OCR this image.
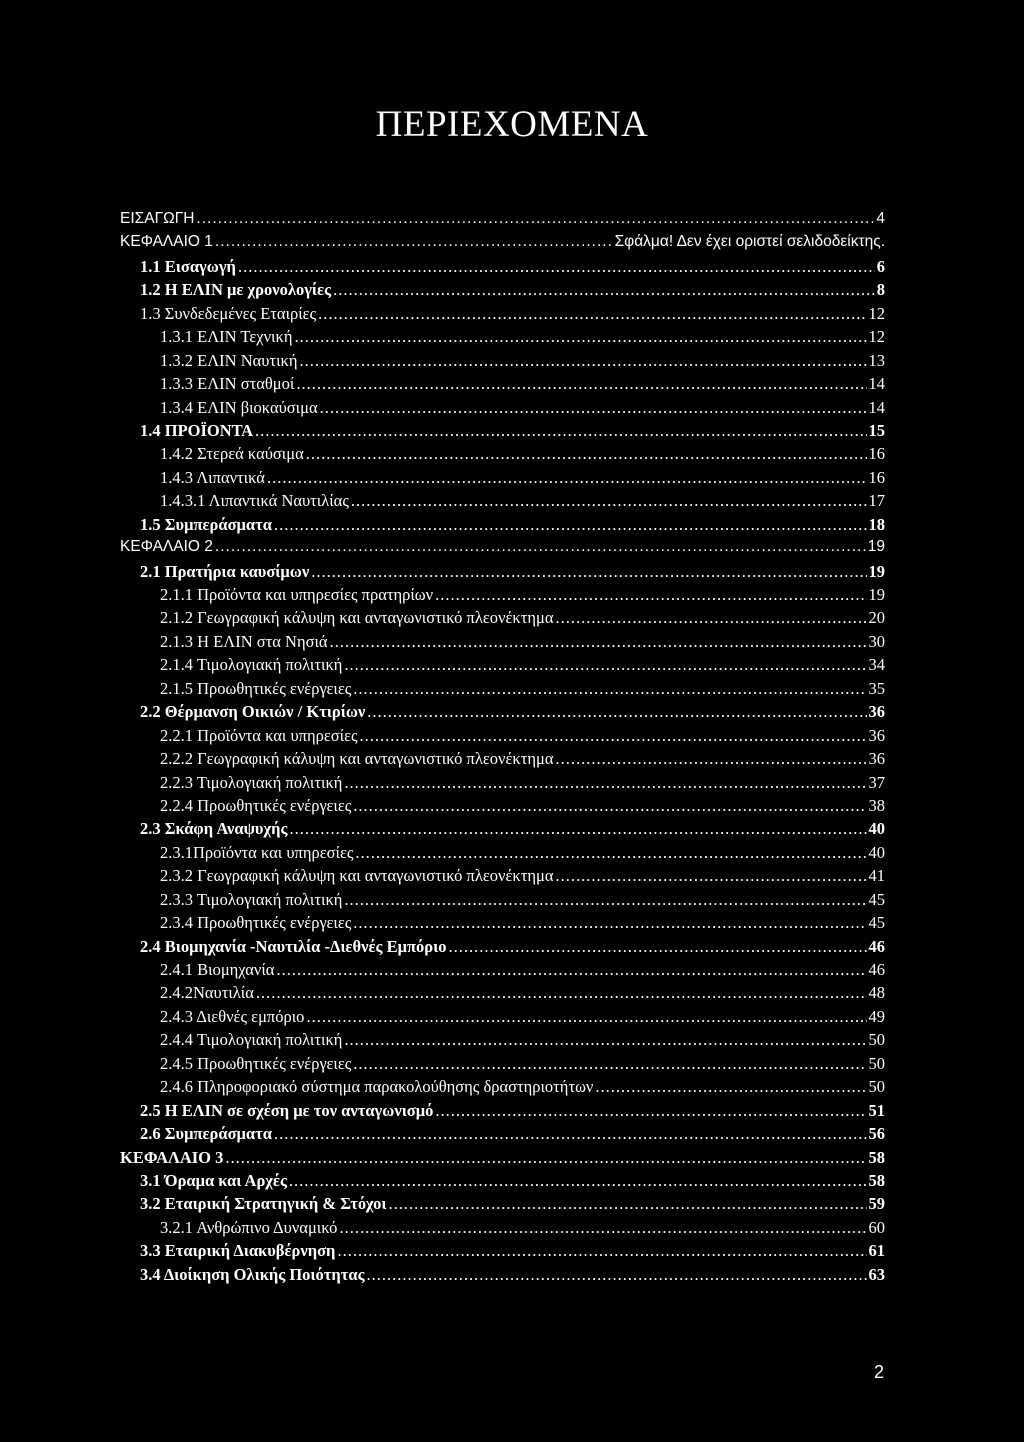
ΠΕΡΙΕΧΟΜΕΝΑ
ΕΙΣΑΓΩΓΗ .....	4
ΚΕΦΑΛΑΙΟ 1 .....	Σφάλμα! Δεν έχει οριστεί σελιδοδείκτης.
1.1 Εισαγωγή .....	6
1.2 Η ΕΛΙΝ με χρονολογίες .....	8
1.3 Συνδεδεμένες Εταιρίες .....	12
1.3.1 ΕΛΙΝ Τεχνική .....	12
1.3.2 ΕΛΙΝ Ναυτική .....	13
1.3.3 ΕΛΙΝ σταθμοί .....	14
1.3.4 ΕΛΙΝ βιοκαύσιμα .....	14
1.4 ΠΡΟΪΟΝΤΑ .....	15
1.4.2 Στερεά καύσιμα .....	16
1.4.3 Λιπαντικά .....	16
1.4.3.1 Λιπαντικά Ναυτιλίας .....	17
1.5 Συμπεράσματα .....	18
ΚΕΦΑΛΑΙΟ 2 .....	19
2.1 Πρατήρια καυσίμων .....	19
2.1.1 Προϊόντα και υπηρεσίες πρατηρίων .....	19
2.1.2 Γεωγραφική κάλυψη και ανταγωνιστικό πλεονέκτημα .....	20
2.1.3 Η ΕΛΙΝ στα Νησιά .....	30
2.1.4 Τιμολογιακή πολιτική .....	34
2.1.5 Προωθητικές ενέργειες .....	35
2.2 Θέρμανση Οικιών / Κτιρίων .....	36
2.2.1 Προϊόντα και υπηρεσίες .....	36
2.2.2 Γεωγραφική κάλυψη και ανταγωνιστικό πλεονέκτημα .....	36
2.2.3 Τιμολογιακή πολιτική .....	37
2.2.4 Προωθητικές ενέργειες .....	38
2.3 Σκάφη Αναψυχής .....	40
2.3.1Προϊόντα και υπηρεσίες .....	40
2.3.2 Γεωγραφική κάλυψη και ανταγωνιστικό πλεονέκτημα .....	41
2.3.3 Τιμολογιακή πολιτική .....	45
2.3.4 Προωθητικές ενέργειες .....	45
2.4 Βιομηχανία -Ναυτιλία -Διεθνές Εμπόριο .....	46
2.4.1 Βιομηχανία .....	46
2.4.2Ναυτιλία .....	48
2.4.3 Διεθνές εμπόριο .....	49
2.4.4 Τιμολογιακή πολιτική .....	50
2.4.5 Προωθητικές ενέργειες .....	50
2.4.6 Πληροφοριακό σύστημα παρακολούθησης δραστηριοτήτων .....	50
2.5 Η ΕΛΙΝ σε σχέση με τον ανταγωνισμό .....	51
2.6 Συμπεράσματα .....	56
ΚΕΦΑΛΑΙΟ 3 .....	58
3.1 Όραμα και Αρχές .....	58
3.2 Εταιρική Στρατηγική & Στόχοι .....	59
3.2.1 Ανθρώπινο Δυναμικό .....	60
3.3 Εταιρική Διακυβέρνηση .....	61
3.4 Διοίκηση Ολικής Ποιότητας .....	63
2
